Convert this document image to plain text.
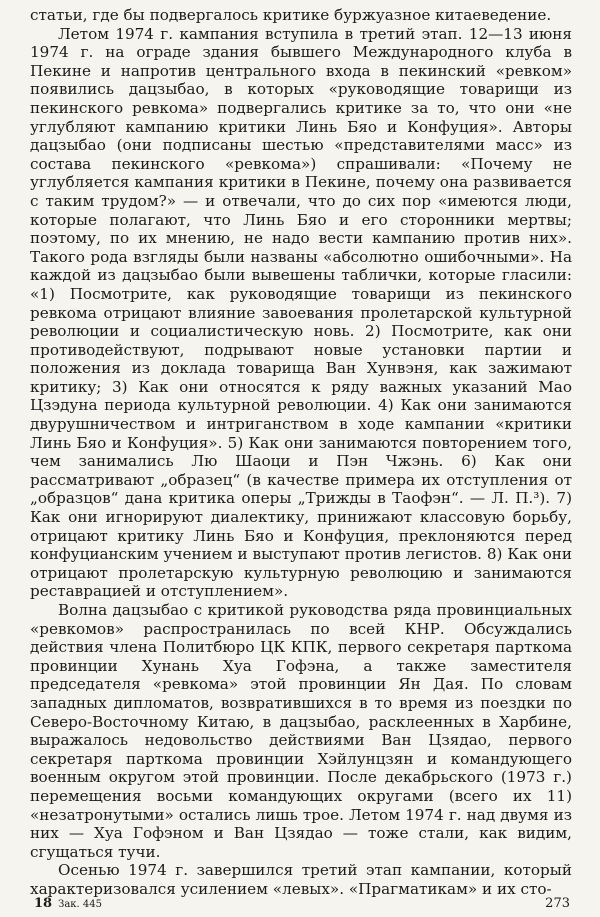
статьи, где бы подвергалось критике буржуазное китаеведение.

Летом 1974 г. кампания вступила в третий этап. 12—13 июня 1974 г. на ограде здания бывшего Международного клуба в Пекине и напротив центрального входа в пекинский «ревком» появились дацзыбао, в которых «руководящие товарищи из пекинского ревкома» подвергались критике за то, что они «не углубляют кампанию критики Линь Бяо и Конфуция». Авторы дацзыбао (они подписаны шестью «представителями масс» из состава пекинского «ревкома») спрашивали: «Почему не углубляется кампания критики в Пекине, почему она развивается с таким трудом?» — и отвечали, что до сих пор «имеются люди, которые полагают, что Линь Бяо и его сторонники мертвы; поэтому, по их мнению, не надо вести кампанию против них». Такого рода взгляды были названы «абсолютно ошибочными». На каждой из дацзыбао были вывешены таблички, которые гласили: «1) Посмотрите, как руководящие товарищи из пекинского ревкома отрицают влияние завоевания пролетарской культурной революции и социалистическую новь. 2) Посмотрите, как они противодействуют, подрывают новые установки партии и положения из доклада товарища Ван Хунвэня, как зажимают критику; 3) Как они относятся к ряду важных указаний Мао Цзэдуна периода культурной революции. 4) Как они занимаются двурушничеством и интриганством в ходе кампании «критики Линь Бяо и Конфуция». 5) Как они занимаются повторением того, чем занимались Лю Шаоци и Пэн Чжэнь. 6) Как они рассматривают „образец“ (в качестве примера их отступления от „образцов“ дана критика оперы „Трижды в Таофэн“. — Л. П.³). 7) Как они игнорируют диалектику, принижают классовую борьбу, отрицают критику Линь Бяо и Конфуция, преклоняются перед конфуцианским учением и выступают против легистов. 8) Как они отрицают пролетарскую культурную революцию и занимаются реставрацией и отступлением».

Волна дацзыбао с критикой руководства ряда провинциальных «ревкомов» распространилась по всей КНР. Обсуждались действия члена Политбюро ЦК КПК, первого секретаря парткома провинции Хунань Хуа Гофэна, а также заместителя председателя «ревкома» этой провинции Ян Дая. По словам западных дипломатов, возвратившихся в то время из поездки по Северо-Восточному Китаю, в дацзыбао, расклеенных в Харбине, выражалось недовольство действиями Ван Цзядао, первого секретаря парткома провинции Хэйлунцзян и командующего военным округом этой провинции. После декабрьского (1973 г.) перемещения восьми командующих округами (всего их 11) «незатронутыми» остались лишь трое. Летом 1974 г. над двумя из них — Хуа Гофэном и Ван Цзядао — тоже стали, как видим, сгущаться тучи.

Осенью 1974 г. завершился третий этап кампании, который характеризовался усилением «левых». «Прагматикам» и их сто-

18 Зак. 445	273
